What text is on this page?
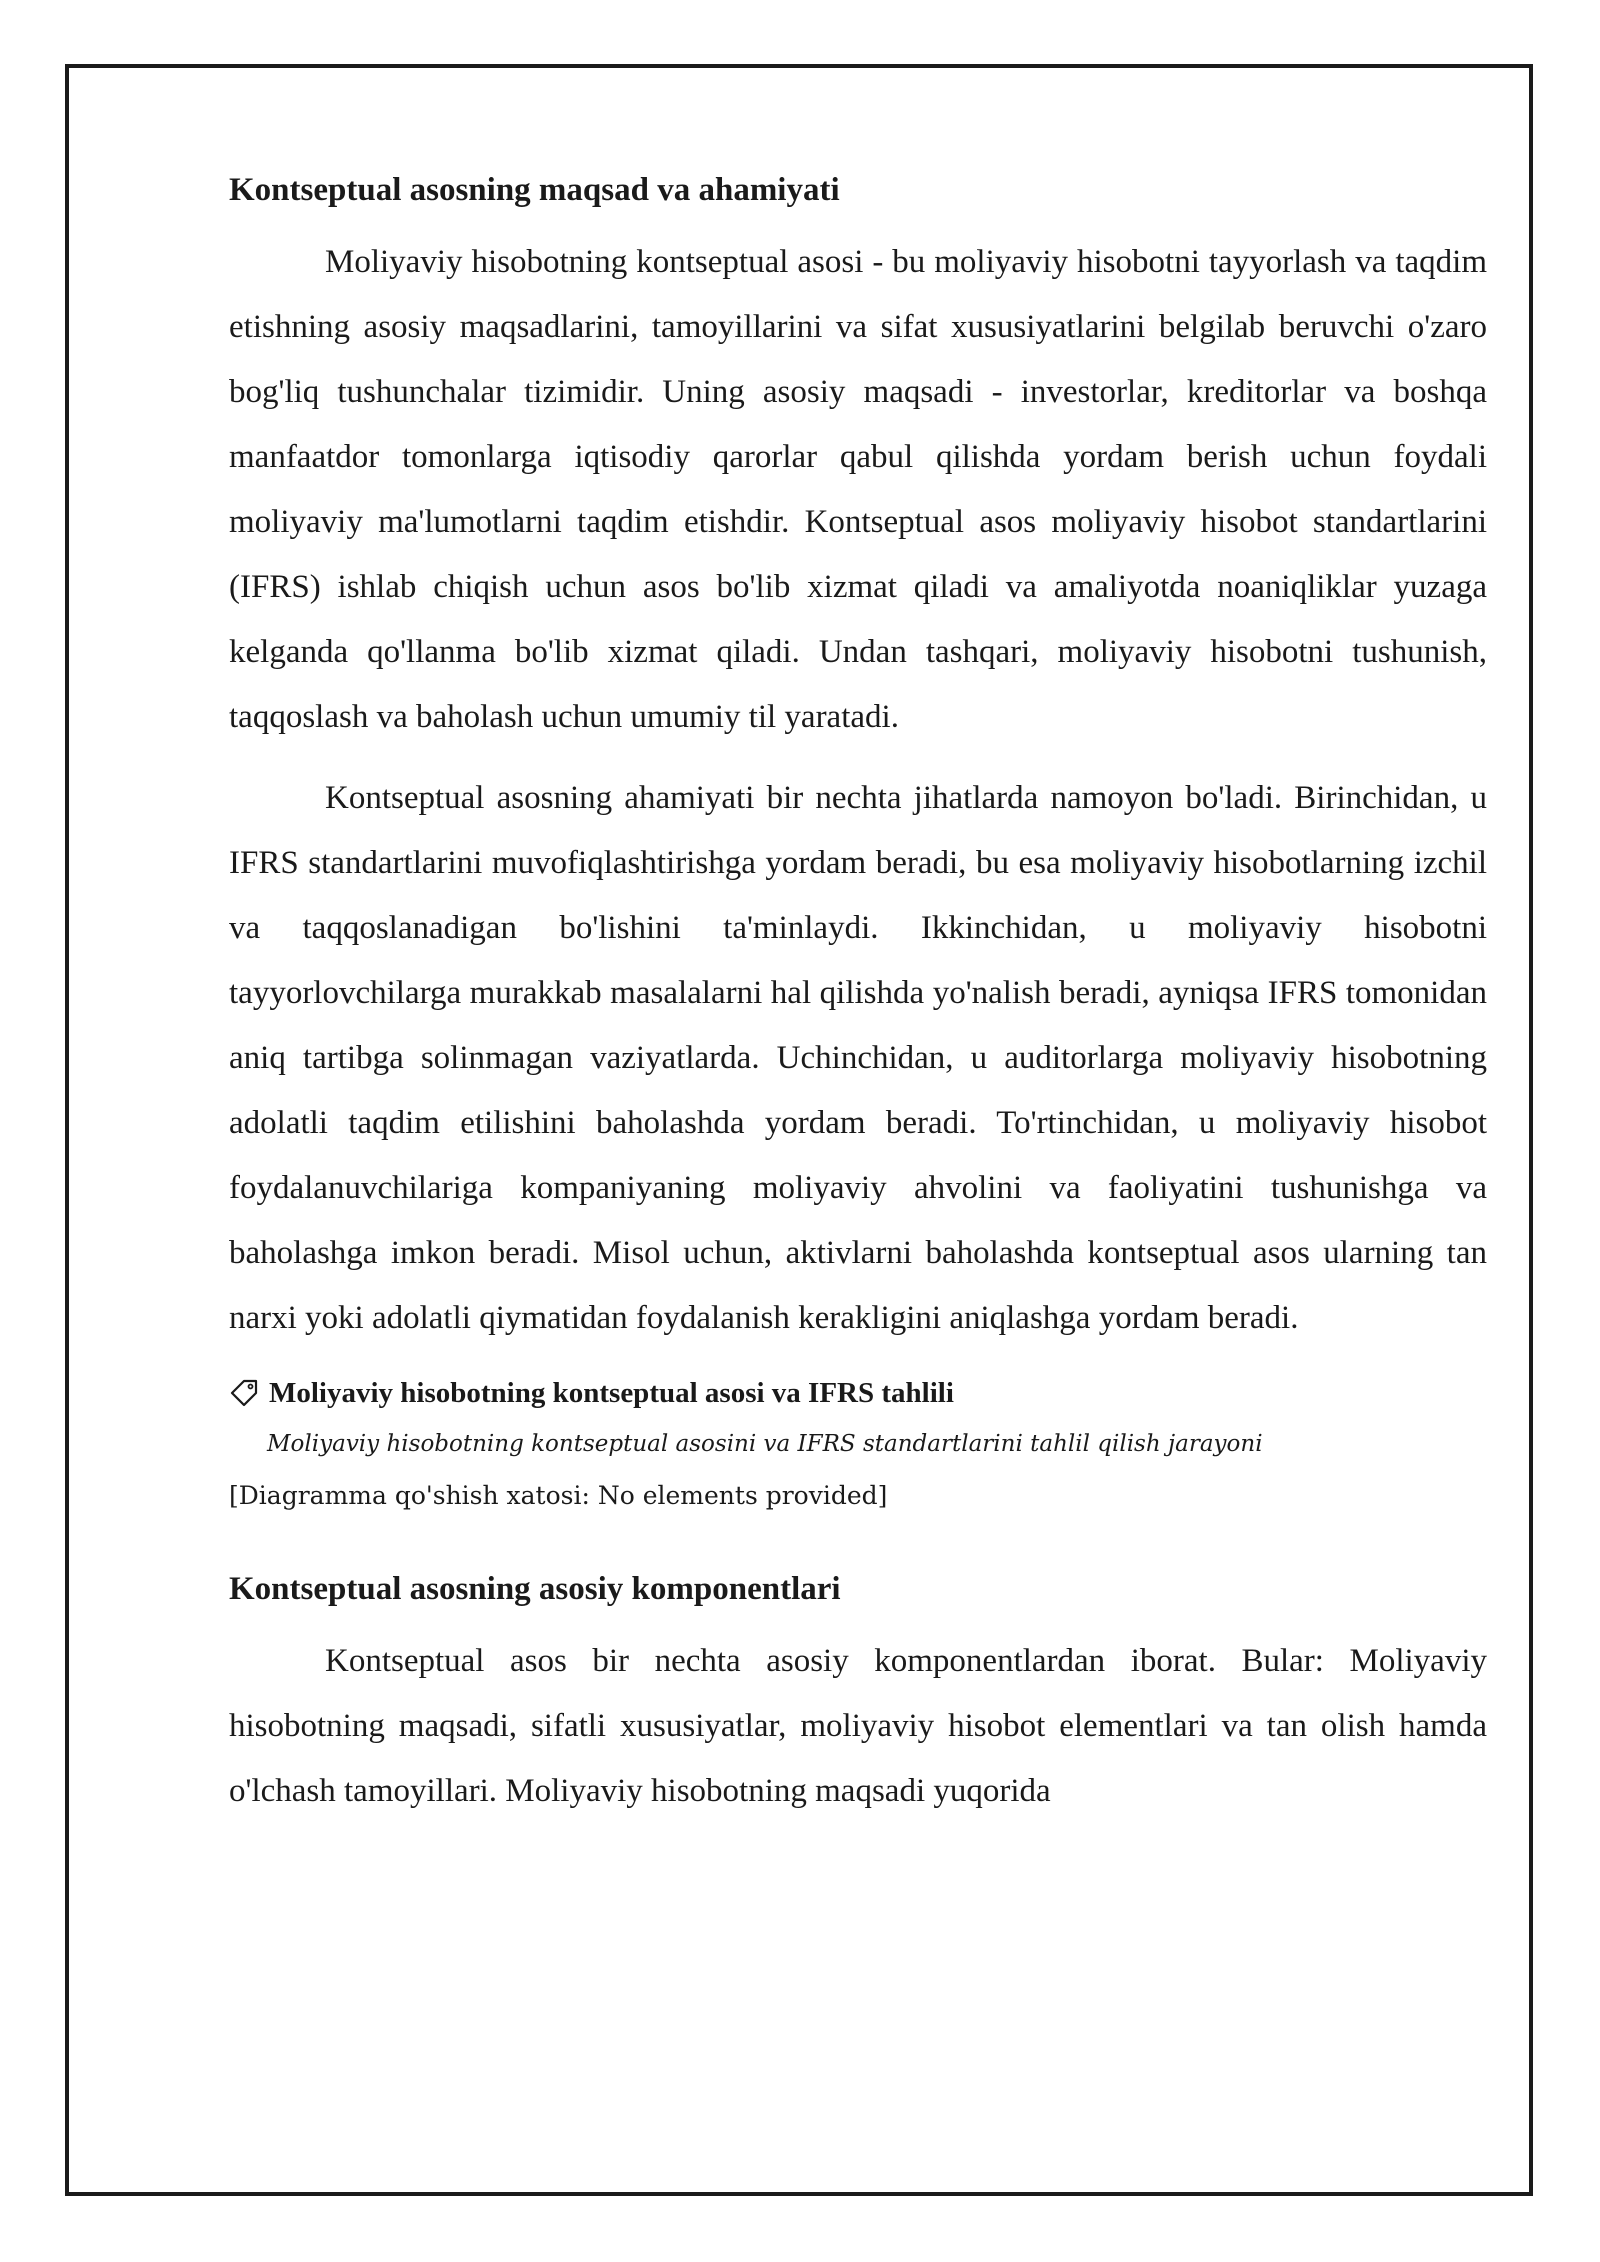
Kontseptual asosning maqsad va ahamiyati

Moliyaviy hisobotning kontseptual asosi - bu moliyaviy hisobotni tayyorlash va taqdim etishning asosiy maqsadlarini, tamoyillarini va sifat xususiyatlarini belgilab beruvchi o'zaro bog'liq tushunchalar tizimidir. Uning asosiy maqsadi - investorlar, kreditorlar va boshqa manfaatdor tomonlarga iqtisodiy qarorlar qabul qilishda yordam berish uchun foydali moliyaviy ma'lumotlarni taqdim etishdir. Kontseptual asos moliyaviy hisobot standartlarini (IFRS) ishlab chiqish uchun asos bo'lib xizmat qiladi va amaliyotda noaniqliklar yuzaga kelganda qo'llanma bo'lib xizmat qiladi. Undan tashqari, moliyaviy hisobotni tushunish, taqqoslash va baholash uchun umumiy til yaratadi.

Kontseptual asosning ahamiyati bir nechta jihatlarda namoyon bo'ladi. Birinchidan, u IFRS standartlarini muvofiqlashtirishga yordam beradi, bu esa moliyaviy hisobotlarning izchil va taqqoslanadigan bo'lishini ta'minlaydi. Ikkinchidan, u moliyaviy hisobotni tayyorlovchilarga murakkab masalalarni hal qilishda yo'nalish beradi, ayniqsa IFRS tomonidan aniq tartibga solinmagan vaziyatlarda. Uchinchidan, u auditorlarga moliyaviy hisobotning adolatli taqdim etilishini baholashda yordam beradi. To'rtinchidan, u moliyaviy hisobot foydalanuvchilariga kompaniyaning moliyaviy ahvolini va faoliyatini tushunishga va baholashga imkon beradi. Misol uchun, aktivlarni baholashda kontseptual asos ularning tan narxi yoki adolatli qiymatidan foydalanish kerakligini aniqlashga yordam beradi.

Moliyaviy hisobotning kontseptual asosi va IFRS tahlili
Moliyaviy hisobotning kontseptual asosini va IFRS standartlarini tahlil qilish jarayoni
[Diagramma qo'shish xatosi: No elements provided]
Kontseptual asosning asosiy komponentlari

Kontseptual asos bir nechta asosiy komponentlardan iborat. Bular: Moliyaviy hisobotning maqsadi, sifatli xususiyatlar, moliyaviy hisobot elementlari va tan olish hamda o'lchash tamoyillari. Moliyaviy hisobotning maqsadi yuqorida
